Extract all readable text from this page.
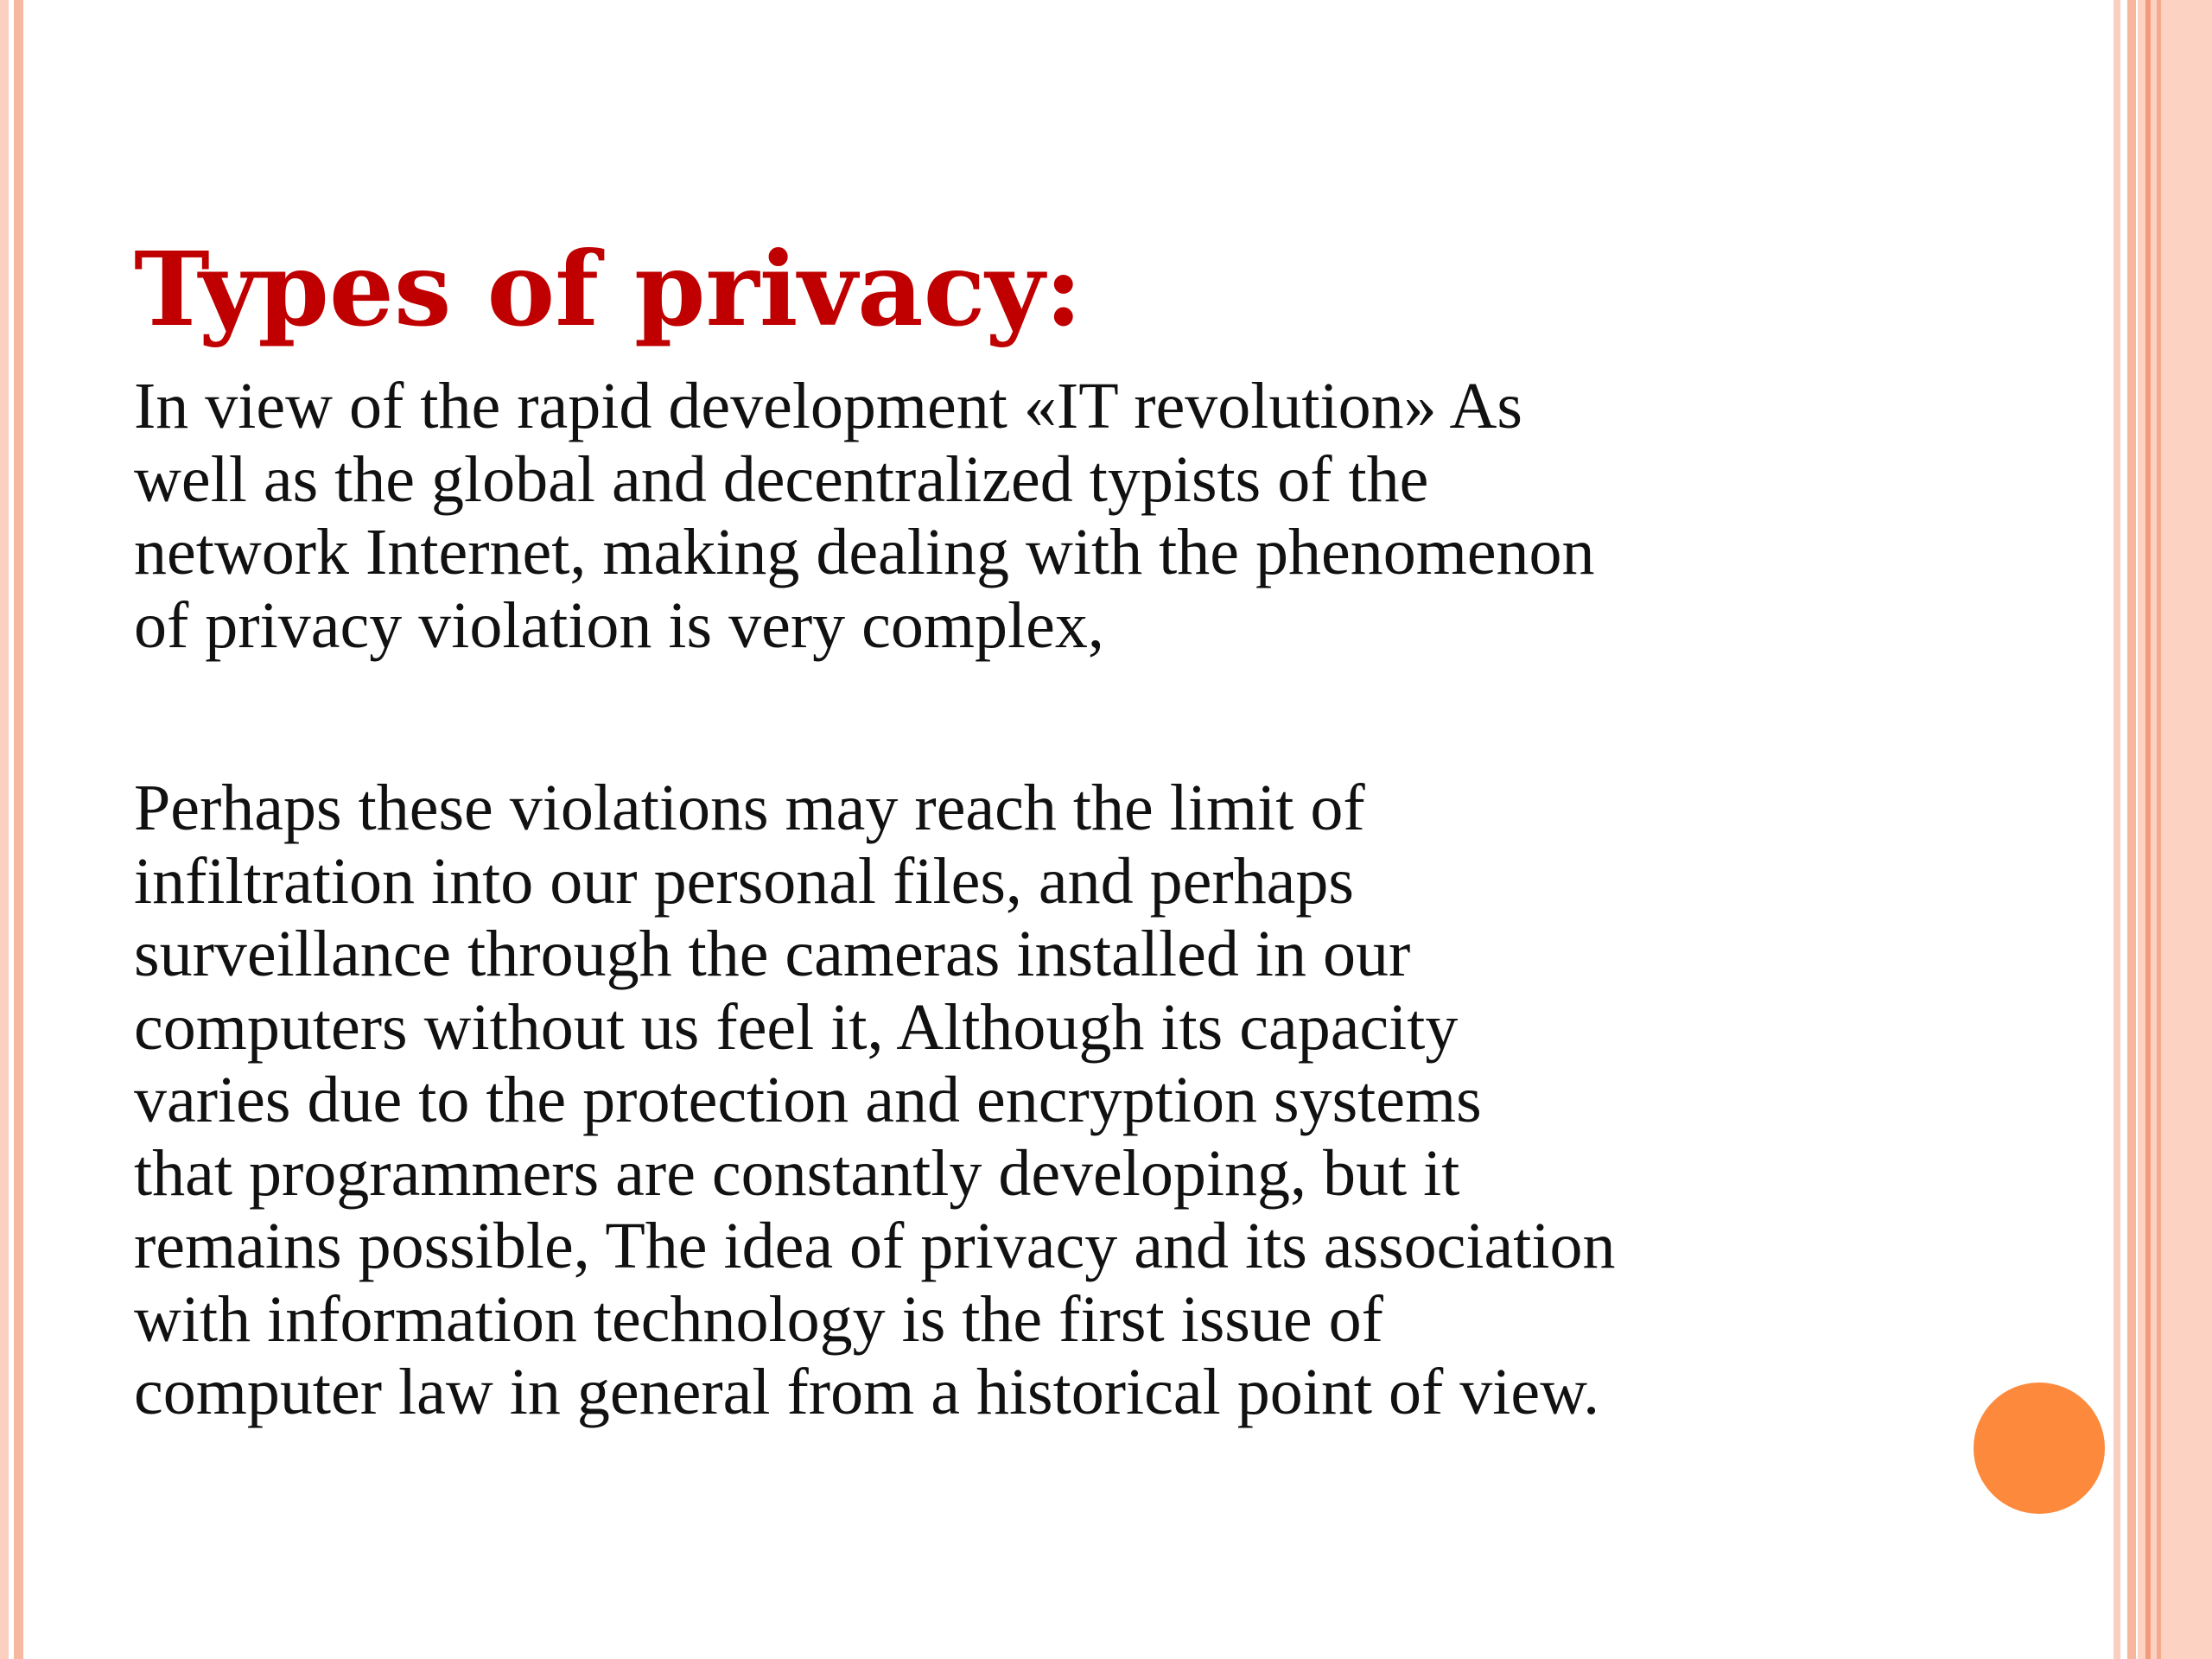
Types of privacy:

In view of the rapid development «IT revolution» As
well as the global and decentralized typists of the
network Internet, making dealing with the phenomenon
of privacy violation is very complex,

Perhaps these violations may reach the limit of
infiltration into our personal files, and perhaps
surveillance through the cameras installed in our
computers without us feel it, Although its capacity
varies due to the protection and encryption systems
that programmers are constantly developing, but it
remains possible, The idea of privacy and its association
with information technology is the first issue of
computer law in general from a historical point of view.
